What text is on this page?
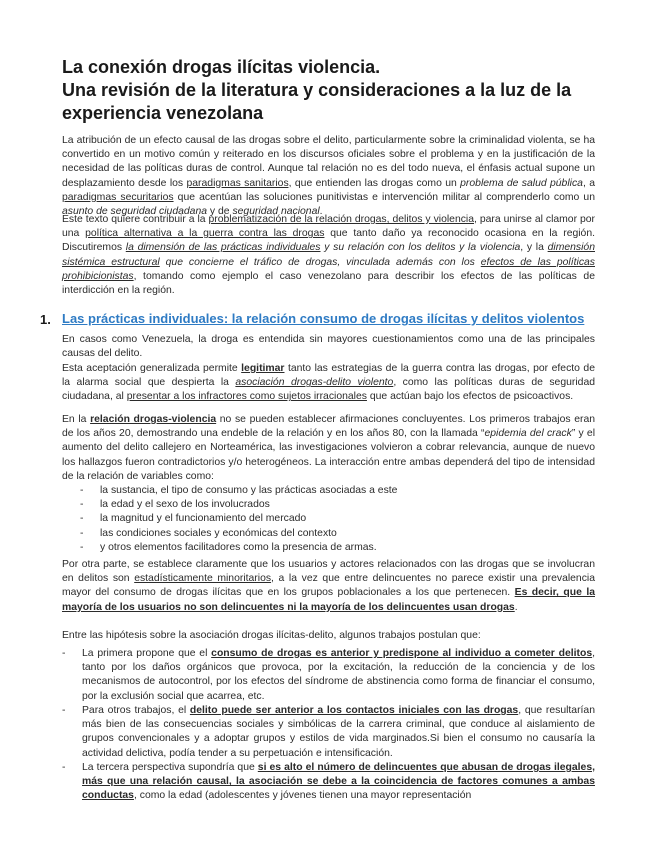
La conexión drogas ilícitas violencia.
Una revisión de la literatura y consideraciones a la luz de la
experiencia venezolana
La atribución de un efecto causal de las drogas sobre el delito, particularmente sobre la criminalidad violenta, se ha convertido en un motivo común y reiterado en los discursos oficiales sobre el problema y en la justificación de la necesidad de las políticas duras de control. Aunque tal relación no es del todo nueva, el énfasis actual supone un desplazamiento desde los paradigmas sanitarios, que entienden las drogas como un problema de salud pública, a paradigmas securitarios que acentúan las soluciones punitivistas e intervención militar al comprenderlo como un asunto de seguridad ciudadana y de seguridad nacional.
Este texto quiere contribuir a la problematización de la relación drogas, delitos y violencia, para unirse al clamor por una política alternativa a la guerra contra las drogas que tanto daño ya reconocido ocasiona en la región. Discutiremos la dimensión de las prácticas individuales y su relación con los delitos y la violencia, y la dimensión sistémica estructural que concierne el tráfico de drogas, vinculada además con los efectos de las políticas prohibicionistas, tomando como ejemplo el caso venezolano para describir los efectos de las políticas de interdicción en la región.
1. Las prácticas individuales: la relación consumo de drogas ilícitas y delitos violentos
En casos como Venezuela, la droga es entendida sin mayores cuestionamientos como una de las principales causas del delito.
Esta aceptación generalizada permite legitimar tanto las estrategias de la guerra contra las drogas, por efecto de la alarma social que despierta la asociación drogas-delito violento, como las políticas duras de seguridad ciudadana, al presentar a los infractores como sujetos irracionales que actúan bajo los efectos de psicoactivos.
En la relación drogas-violencia no se pueden establecer afirmaciones concluyentes. Los primeros trabajos eran de los años 20, demostrando una endeble de la relación y en los años 80, con la llamada “epidemia del crack” y el aumento del delito callejero en Norteamérica, las investigaciones volvieron a cobrar relevancia, aunque de nuevo los hallazgos fueron contradictorios y/o heterogéneos. La interacción entre ambas dependerá del tipo de intensidad de la relación de variables como:
- la sustancia, el tipo de consumo y las prácticas asociadas a este
- la edad y el sexo de los involucrados
- la magnitud y el funcionamiento del mercado
- las condiciones sociales y económicas del contexto
- y otros elementos facilitadores como la presencia de armas.
Por otra parte, se establece claramente que los usuarios y actores relacionados con las drogas que se involucran en delitos son estadísticamente minoritarios, a la vez que entre delincuentes no parece existir una prevalencia mayor del consumo de drogas ilícitas que en los grupos poblacionales a los que pertenecen. Es decir, que la mayoría de los usuarios no son delincuentes ni la mayoría de los delincuentes usan drogas.
Entre las hipótesis sobre la asociación drogas ilícitas-delito, algunos trabajos postulan que:
- La primera propone que el consumo de drogas es anterior y predispone al individuo a cometer delitos, tanto por los daños orgánicos que provoca, por la excitación, la reducción de la conciencia y de los mecanismos de autocontrol, por los efectos del síndrome de abstinencia como forma de financiar el consumo, por la exclusión social que acarrea, etc.
- Para otros trabajos, el delito puede ser anterior a los contactos iniciales con las drogas, que resultarían más bien de las consecuencias sociales y simbólicas de la carrera criminal, que conduce al aislamiento de grupos convencionales y a adoptar grupos y estilos de vida marginados.Si bien el consumo no causaría la actividad delictiva, podía tender a su perpetuación e intensificación.
- La tercera perspectiva supondría que si es alto el número de delincuentes que abusan de drogas ilegales, más que una relación causal, la asociación se debe a la coincidencia de factores comunes a ambas conductas, como la edad (adolescentes y jóvenes tienen una mayor representación
